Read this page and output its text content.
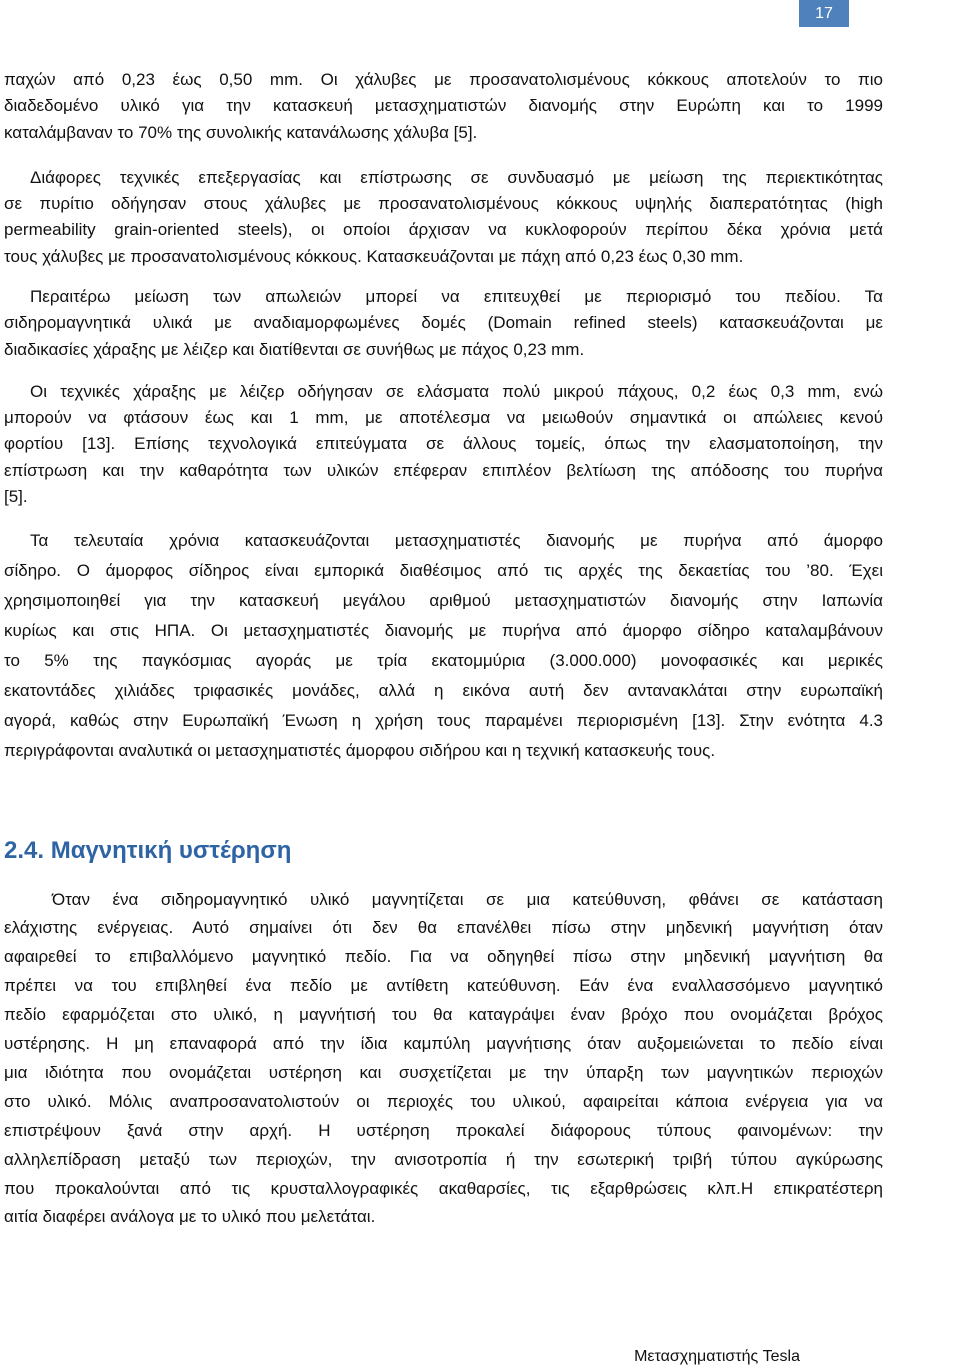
17
παχών από 0,23 έως 0,50 mm. Οι χάλυβες με προσανατολισμένους κόκκους αποτελούν το πιο
διαδεδομένο υλικό για την κατασκευή μετασχηματιστών διανομής στην Ευρώπη και το 1999
καταλάμβαναν το 70% της συνολικής κατανάλωσης χάλυβα [5].
Διάφορες τεχνικές επεξεργασίας και επίστρωσης σε συνδυασμό με μείωση της περιεκτικότητας
σε πυρίτιο οδήγησαν στους χάλυβες με προσανατολισμένους κόκκους υψηλής διαπερατότητας (high
permeability grain-oriented steels), οι οποίοι άρχισαν να κυκλοφορούν περίπου δέκα χρόνια μετά
τους χάλυβες με προσανατολισμένους κόκκους. Κατασκευάζονται με πάχη από 0,23 έως 0,30 mm.
Περαιτέρω μείωση των απωλειών μπορεί να επιτευχθεί με περιορισμό του πεδίου. Τα
σιδηρομαγνητικά υλικά με αναδιαμορφωμένες δομές (Domain refined steels) κατασκευάζονται με
διαδικασίες χάραξης με λέιζερ και διατίθενται σε συνήθως με πάχος 0,23 mm.
Οι τεχνικές χάραξης με λέιζερ οδήγησαν σε ελάσματα πολύ μικρού πάχους, 0,2 έως 0,3 mm, ενώ
μπορούν να φτάσουν έως και 1 mm, με αποτέλεσμα να μειωθούν σημαντικά οι απώλειες κενού
φορτίου [13]. Επίσης τεχνολογικά επιτεύγματα σε άλλους τομείς, όπως την ελασματοποίηση, την
επίστρωση και την καθαρότητα των υλικών επέφεραν επιπλέον βελτίωση της απόδοσης του πυρήνα
[5].
Τα τελευταία χρόνια κατασκευάζονται μετασχηματιστές διανομής με πυρήνα από άμορφο
σίδηρο. Ο άμορφος σίδηρος είναι εμπορικά διαθέσιμος από τις αρχές της δεκαετίας του ’80. Έχει
χρησιμοποιηθεί για την κατασκευή μεγάλου αριθμού μετασχηματιστών διανομής στην Ιαπωνία
κυρίως και στις ΗΠΑ. Οι μετασχηματιστές διανομής με πυρήνα από άμορφο σίδηρο καταλαμβάνουν
το 5% της παγκόσμιας αγοράς με τρία εκατομμύρια (3.000.000) μονοφασικές και μερικές
εκατοντάδες χιλιάδες τριφασικές μονάδες, αλλά η εικόνα αυτή δεν αντανακλάται στην ευρωπαϊκή
αγορά, καθώς στην Ευρωπαϊκή Ένωση η χρήση τους παραμένει περιορισμένη [13]. Στην ενότητα 4.3
περιγράφονται αναλυτικά οι μετασχηματιστές άμορφου σιδήρου και η τεχνική κατασκευής τους.
2.4. Μαγνητική υστέρηση
Όταν ένα σιδηρομαγνητικό υλικό μαγνητίζεται σε μια κατεύθυνση, φθάνει σε κατάσταση
ελάχιστης ενέργειας. Αυτό σημαίνει ότι δεν θα επανέλθει πίσω στην μηδενική μαγνήτιση όταν
αφαιρεθεί το επιβαλλόμενο μαγνητικό πεδίο. Για να οδηγηθεί πίσω στην μηδενική μαγνήτιση θα
πρέπει να του επιβληθεί ένα πεδίο με αντίθετη κατεύθυνση. Εάν ένα εναλλασσόμενο μαγνητικό
πεδίο εφαρμόζεται στο υλικό, η μαγνήτισή του θα καταγράψει έναν βρόχο που ονομάζεται βρόχος
υστέρησης. Η μη επαναφορά από την ίδια καμπύλη μαγνήτισης όταν αυξομειώνεται το πεδίο είναι
μια ιδιότητα που ονομάζεται υστέρηση και συσχετίζεται με την ύπαρξη των μαγνητικών περιοχών
στο υλικό. Μόλις αναπροσανατολιστούν οι περιοχές του υλικού, αφαιρείται κάποια ενέργεια για να
επιστρέψουν ξανά στην αρχή. Η υστέρηση προκαλεί διάφορους τύπους φαινομένων: την
αλληλεπίδραση μεταξύ των περιοχών, την ανισοτροπία ή την εσωτερική τριβή τύπου αγκύρωσης
που προκαλούνται από τις κρυσταλλογραφικές ακαθαρσίες, τις εξαρθρώσεις κλπ.Η επικρατέστερη
αιτία διαφέρει ανάλογα με το υλικό που μελετάται.
Μετασχηματιστής Tesla
